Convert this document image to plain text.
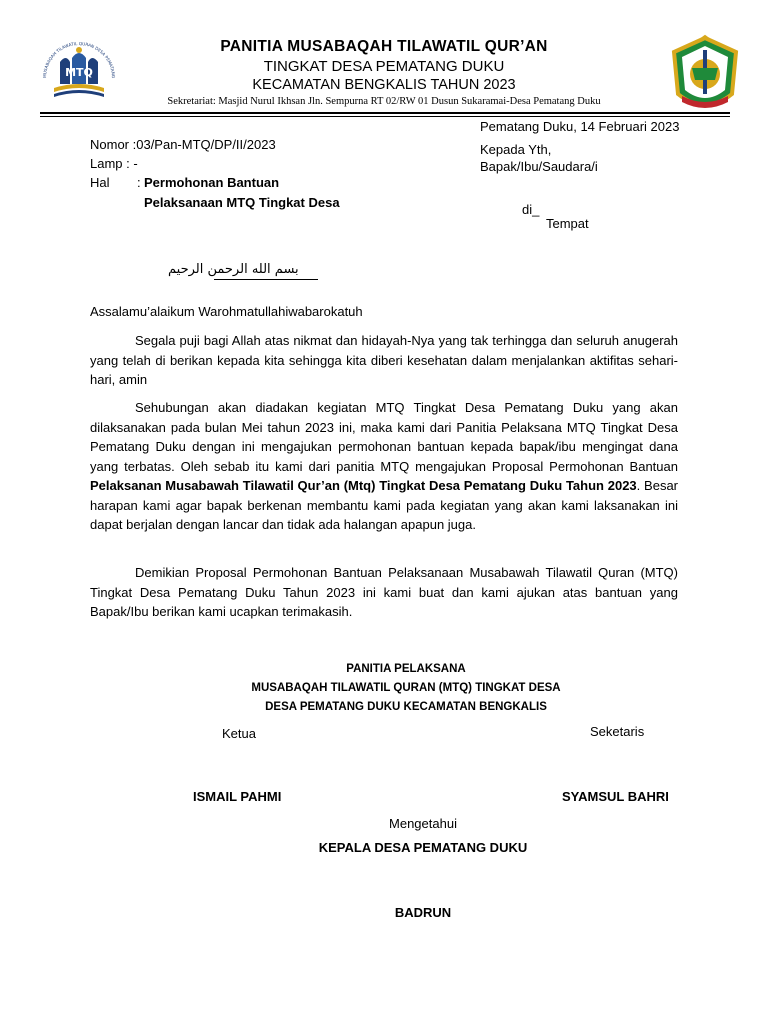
MUSABAQAH TILAWATIL QURAN DESA PEMATANG
MTQ
PANITIA MUSABAQAH TILAWATIL QUR’AN
TINGKAT DESA PEMATANG DUKU
KECAMATAN BENGKALIS TAHUN 2023
Sekretariat: Masjid Nurul Ikhsan Jln. Sempurna RT 02/RW 01 Dusun Sukaramai-Desa Pematang Duku
Pematang Duku, 14 Februari 2023
Nomor :03/Pan-MTQ/DP/II/2023
Lamp : -
Hal : Permohonan Bantuan
Pelaksanaan MTQ Tingkat Desa
Kepada Yth,
Bapak/Ibu/Saudara/i
di_
Tempat
بسم الله الرحمن الرحيم
Assalamu’alaikum Warohmatullahiwabarokatuh
Segala puji bagi Allah atas nikmat dan hidayah-Nya yang tak terhingga dan seluruh anugerah yang telah di berikan kepada kita sehingga kita diberi kesehatan dalam menjalankan aktifitas sehari-hari, amin
Sehubungan akan diadakan kegiatan MTQ Tingkat Desa Pematang Duku yang akan dilaksanakan pada bulan Mei tahun 2023 ini, maka kami dari Panitia Pelaksana MTQ Tingkat Desa Pematang Duku dengan ini mengajukan permohonan bantuan kepada bapak/ibu mengingat dana yang terbatas. Oleh sebab itu kami dari panitia MTQ mengajukan Proposal Permohonan Bantuan Pelaksanan Musabawah Tilawatil Qur’an (Mtq) Tingkat Desa Pematang Duku Tahun 2023. Besar harapan kami agar bapak berkenan membantu kami pada kegiatan yang akan kami laksanakan ini dapat berjalan dengan lancar dan tidak ada halangan apapun juga.
Demikian Proposal Permohonan Bantuan Pelaksanaan Musabawah Tilawatil Quran (MTQ) Tingkat Desa Pematang Duku Tahun 2023 ini kami buat dan kami ajukan atas bantuan yang Bapak/Ibu berikan kami ucapkan terimakasih.
PANITIA PELAKSANA
MUSABAQAH TILAWATIL QURAN (MTQ) TINGKAT DESA
DESA PEMATANG DUKU KECAMATAN BENGKALIS
Ketua	Seketaris
ISMAIL PAHMI	SYAMSUL BAHRI
Mengetahui
KEPALA DESA PEMATANG DUKU
BADRUN
